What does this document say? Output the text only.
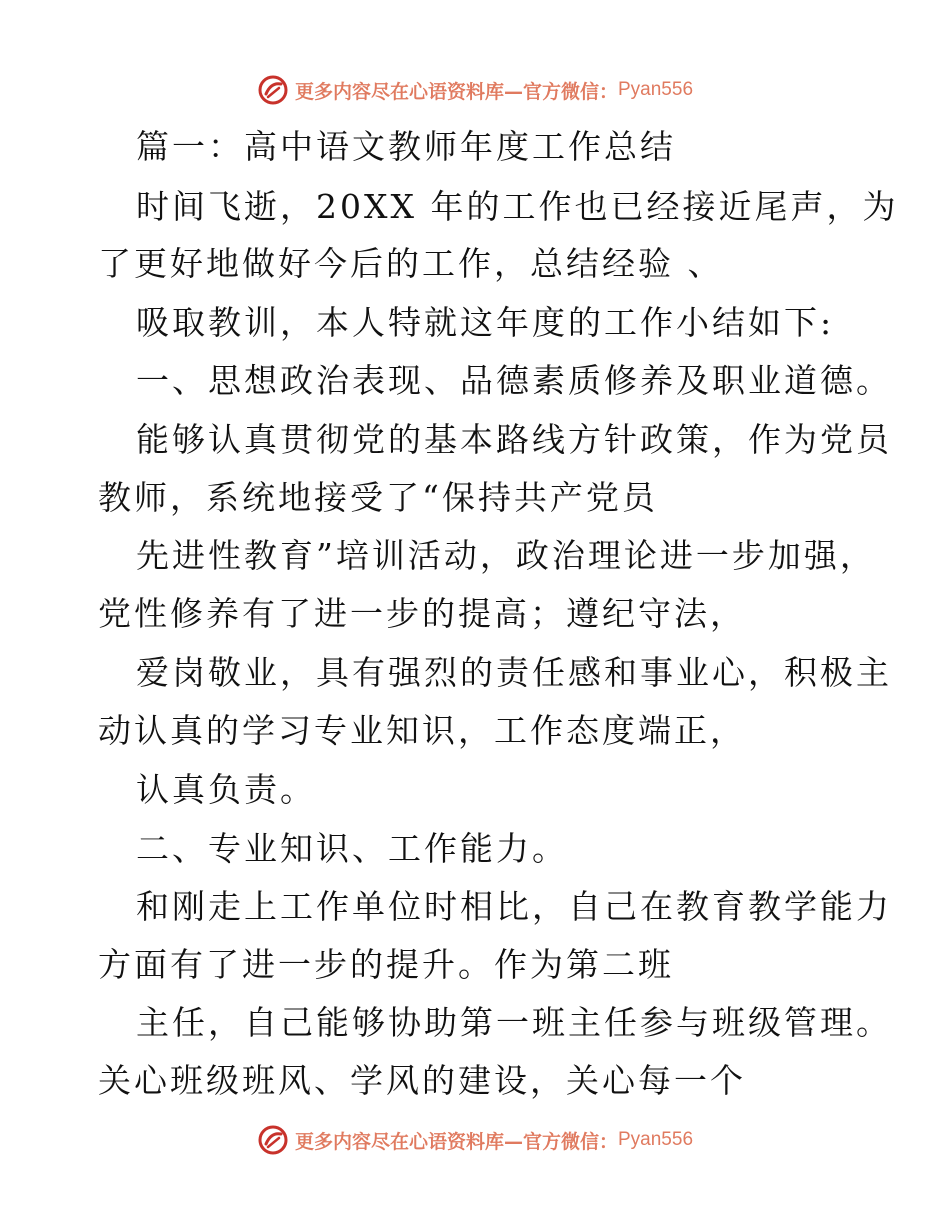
更多内容尽在心语资料库—官方微信： Pyan556
篇一：高中语文教师年度工作总结
时间飞逝，20XX 年的工作也已经接近尾声，为
了更好地做好今后的工作，总结经验 、
吸取教训，本人特就这年度的工作小结如下:
一、思想政治表现、品德素质修养及职业道德。
能够认真贯彻党的基本路线方针政策，作为党员
教师，系统地接受了“保持共产党员
先进性教育”培训活动，政治理论进一步加强，
党性修养有了进一步的提高；遵纪守法，
爱岗敬业，具有强烈的责任感和事业心，积极主
动认真的学习专业知识，工作态度端正，
认真负责。
二、专业知识、工作能力。
和刚走上工作单位时相比，自己在教育教学能力
方面有了进一步的提升。作为第二班
主任，自己能够协助第一班主任参与班级管理。
关心班级班风、学风的建设，关心每一个
更多内容尽在心语资料库—官方微信： Pyan556
